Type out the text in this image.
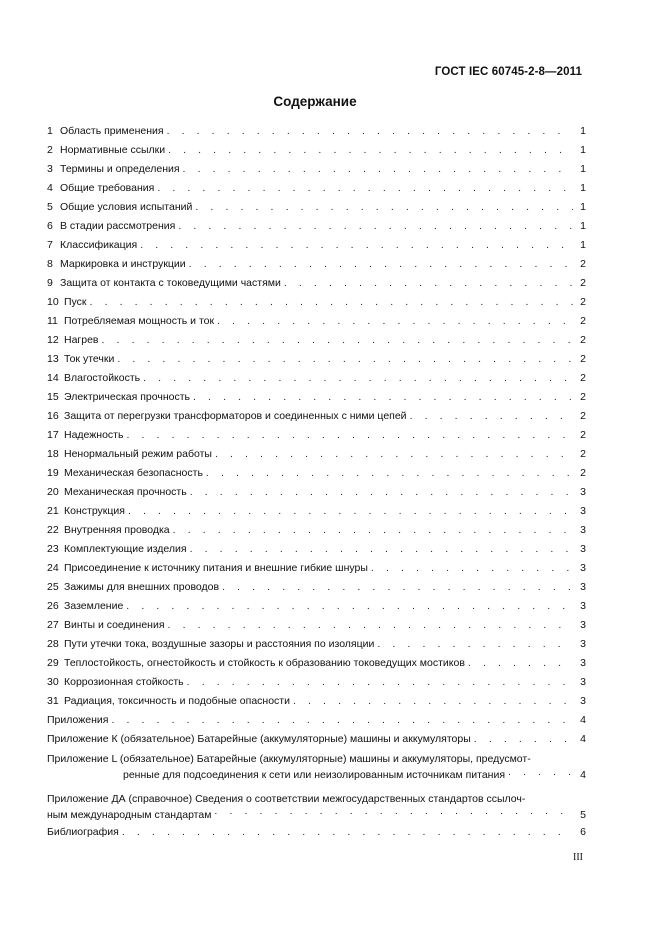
ГОСТ IEC 60745-2-8—2011
Содержание
1 Область применения . . .	1
2 Нормативные ссылки . . .	1
3 Термины и определения . . .	1
4 Общие требования . . .	1
5 Общие условия испытаний . . .	1
6 В стадии рассмотрения . . .	1
7 Классификация . . .	1
8 Маркировка и инструкции . . .	2
9 Защита от контакта с токоведущими частями . . .	2
10 Пуск . . .	2
11 Потребляемая мощность и ток . . .	2
12 Нагрев . . .	2
13 Ток утечки . . .	2
14 Влагостойкость . . .	2
15 Электрическая прочность . . .	2
16 Защита от перегрузки трансформаторов и соединенных с ними цепей . . .	2
17 Надежность . . .	2
18 Ненормальный режим работы . . .	2
19 Механическая безопасность . . .	2
20 Механическая прочность . . .	3
21 Конструкция . . .	3
22 Внутренняя проводка . . .	3
23 Комплектующие изделия . . .	3
24 Присоединение к источнику питания и внешние гибкие шнуры . . .	3
25 Зажимы для внешних проводов . . .	3
26 Заземление . . .	3
27 Винты и соединения . . .	3
28 Пути утечки тока, воздушные зазоры и расстояния по изоляции . . .	3
29 Теплостойкость, огнестойкость и стойкость к образованию токоведущих мостиков . . .	3
30 Коррозионная стойкость . . .	3
31 Радиация, токсичность и подобные опасности . . .	3
Приложения . . .	4
Приложение К (обязательное) Батарейные (аккумуляторные) машины и аккумуляторы . . .	4
Приложение L (обязательное) Батарейные (аккумуляторные) машины и аккумуляторы, предусмот-
ренные для подсоединения к сети или неизолированным источникам питания . . .	4
Приложение ДА (справочное) Сведения о соответствии межгосударственных стандартов ссылоч-
ным международным стандартам . . .	5
Библиография . . .	6
III
